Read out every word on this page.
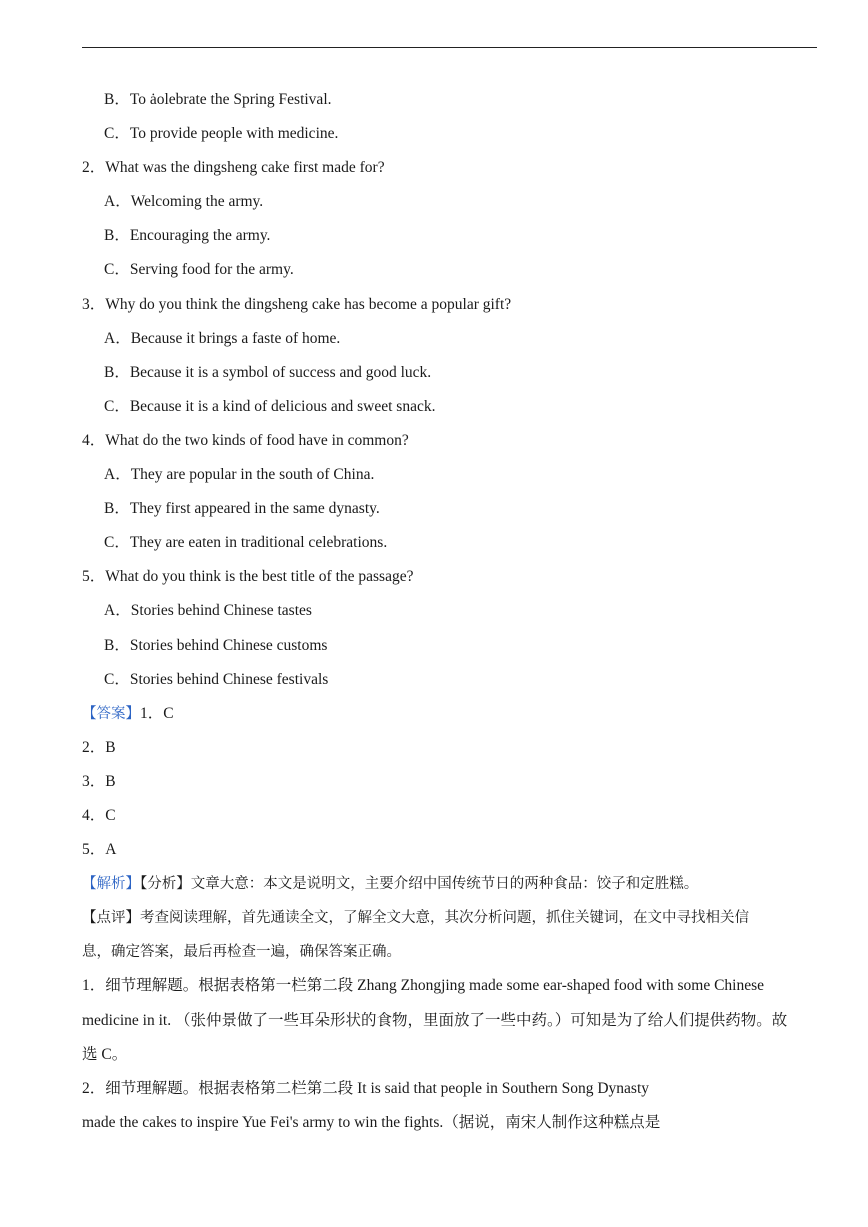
B．To ȧolebrate the Spring Festival.
C．To provide people with medicine.
2．What was the dingsheng cake first made for?
A．Welcoming the army.
B．Encouraging the army.
C．Serving food for the army.
3．Why do you think the dingsheng cake has become a popular gift?
A．Because it brings a faste of home.
B．Because it is a symbol of success and good luck.
C．Because it is a kind of delicious and sweet snack.
4．What do the two kinds of food have in common?
A．They are popular in the south of China.
B．They first appeared in the same dynasty.
C．They are eaten in traditional celebrations.
5．What do you think is the best title of the passage?
A．Stories behind Chinese tastes
B．Stories behind Chinese customs
C．Stories behind Chinese festivals
【答案】1．C
2．B
3．B
4．C
5．A
【解析】【分析】文章大意：本文是说明文，主要介绍中国传统节日的两种食品：饺子和定胜糕。
【点评】考查阅读理解，首先通读全文，了解全文大意，其次分析问题，抓住关键词，在文中寻找相关信
息，确定答案，最后再检查一遍，确保答案正确。
1．细节理解题。根据表格第一栏第二段 Zhang Zhongjing made some ear-shaped food with some Chinese
medicine in it. （张仲景做了一些耳朵形状的食物，里面放了一些中药。）可知是为了给人们提供药物。故
选 C。
2．细节理解题。根据表格第二栏第二段 It is said that people in Southern Song Dynasty
made the cakes to inspire Yue Fei's army to win the fights.（据说，南宋人制作这种糕点是
